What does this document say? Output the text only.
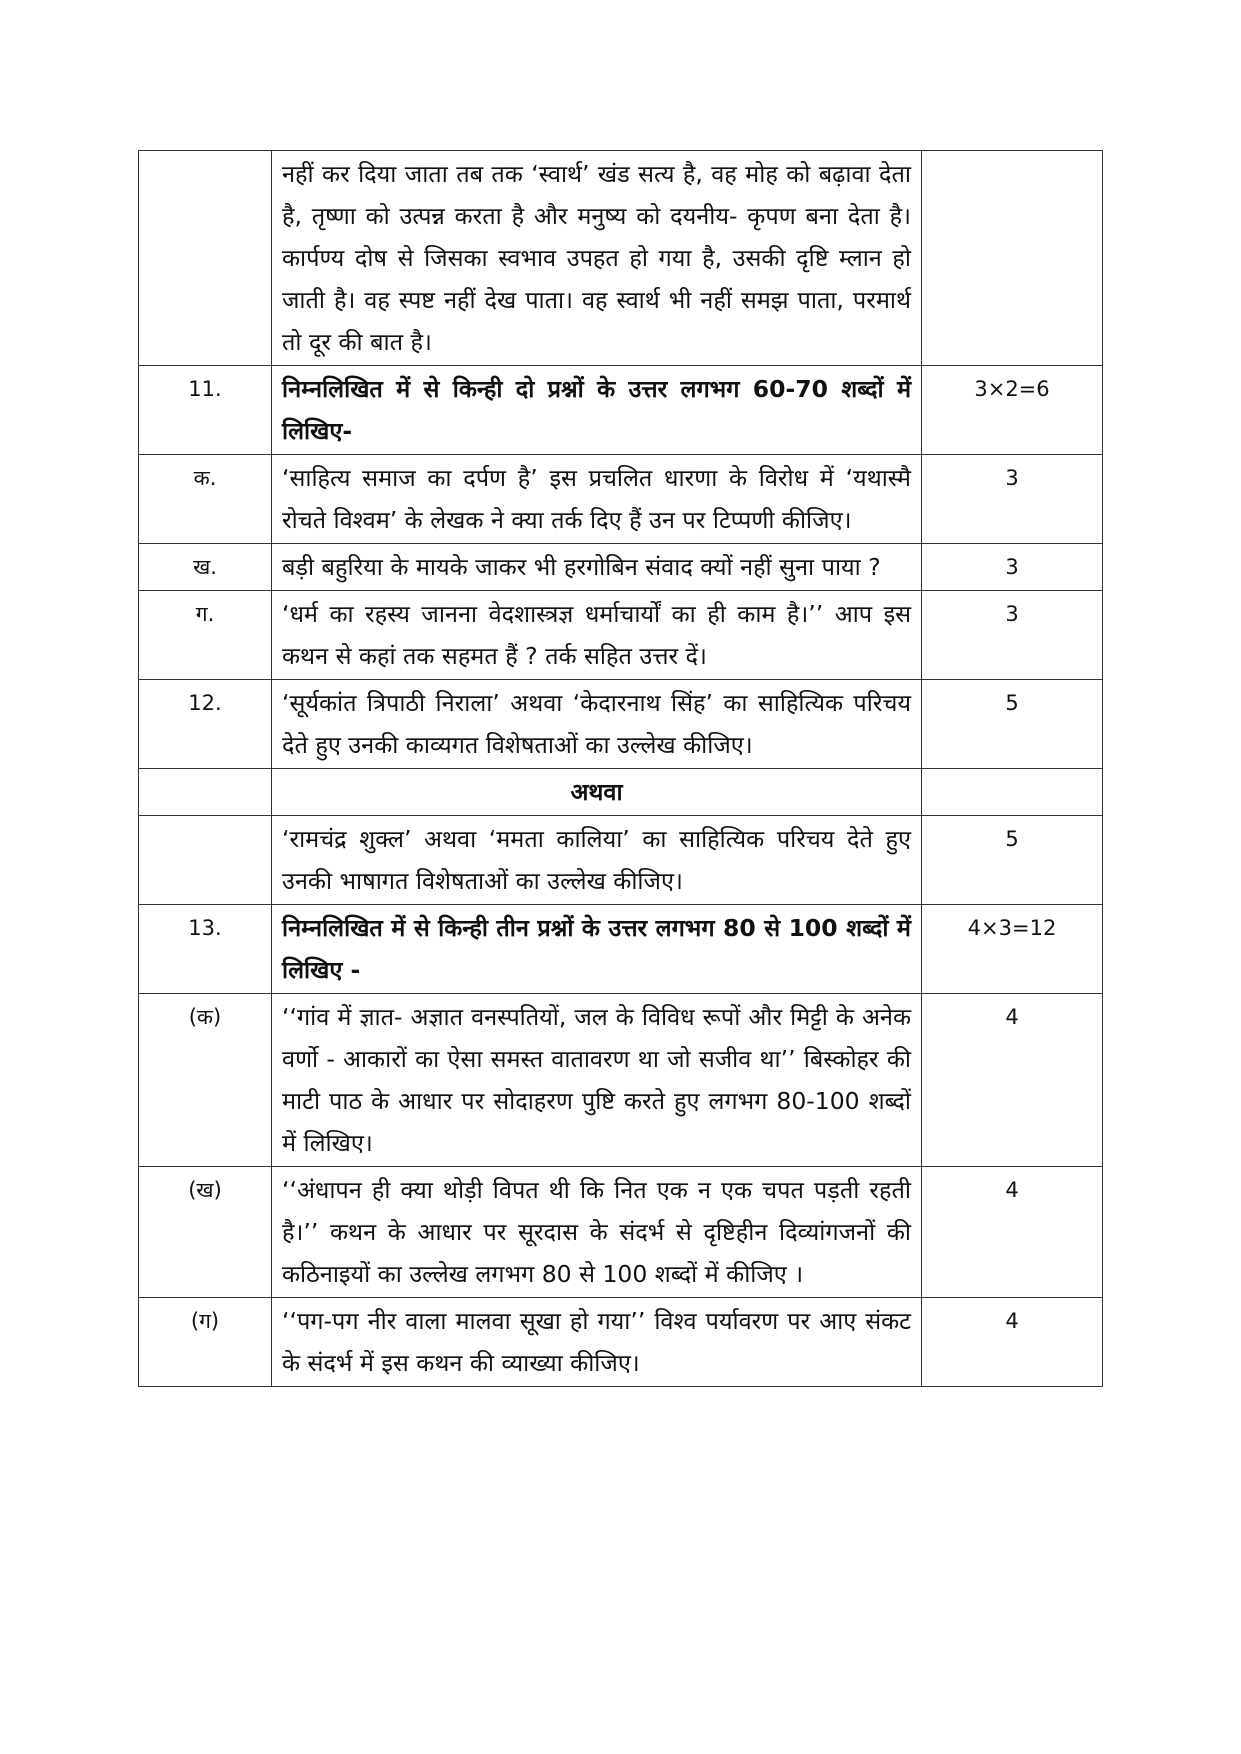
	नहीं कर दिया जाता तब तक ‘स्वार्थ’ खंड सत्य है, वह मोह को बढ़ावा देता है, तृष्णा को उत्पन्न करता है और मनुष्य को दयनीय- कृपण बना देता है। कार्पण्य दोष से जिसका स्वभाव उपहत हो गया है, उसकी दृष्टि म्लान हो जाती है। वह स्पष्ट नहीं देख पाता। वह स्वार्थ भी नहीं समझ पाता, परमार्थ तो दूर की बात है।	
11.	निम्नलिखित में से किन्ही दो प्रश्नों के उत्तर लगभग 60-70 शब्दों में लिखिए-	3×2=6
क.	‘साहित्य समाज का दर्पण है’ इस प्रचलित धारणा के विरोध में ‘यथास्मै रोचते विश्वम’ के लेखक ने क्या तर्क दिए हैं उन पर टिप्पणी कीजिए।	3
ख.	बड़ी बहुरिया के मायके जाकर भी हरगोबिन संवाद क्यों नहीं सुना पाया ?	3
ग.	‘धर्म का रहस्य जानना वेदशास्त्रज्ञ धर्माचार्यों का ही काम है।’’ आप इस कथन से कहां तक सहमत हैं ? तर्क सहित उत्तर दें।	3
12.	‘सूर्यकांत त्रिपाठी निराला’ अथवा ‘केदारनाथ सिंह’ का साहित्यिक परिचय देते हुए उनकी काव्यगत विशेषताओं का उल्लेख कीजिए।	5
	अथवा	
	‘रामचंद्र शुक्ल’ अथवा ‘ममता कालिया’ का साहित्यिक परिचय देते हुए उनकी भाषागत विशेषताओं का उल्लेख कीजिए।	5
13.	निम्नलिखित में से किन्ही तीन प्रश्नों के उत्तर लगभग 80 से 100 शब्दों में लिखिए -	4×3=12
(क)	‘‘गांव में ज्ञात- अज्ञात वनस्पतियों, जल के विविध रूपों और मिट्टी के अनेक वर्णो - आकारों का ऐसा समस्त वातावरण था जो सजीव था’’ बिस्कोहर की माटी पाठ के आधार पर सोदाहरण पुष्टि करते हुए लगभग 80-100 शब्दों में लिखिए।	4
(ख)	‘‘अंधापन ही क्या थोड़ी विपत थी कि नित एक न एक चपत पड़ती रहती है।’’ कथन के आधार पर सूरदास के संदर्भ से दृष्टिहीन दिव्यांगजनों की कठिनाइयों का उल्लेख लगभग 80 से 100 शब्दों में कीजिए ।	4
(ग)	‘‘पग-पग नीर वाला मालवा सूखा हो गया’’ विश्व पर्यावरण पर आए संकट के संदर्भ में इस कथन की व्याख्या कीजिए।	4
